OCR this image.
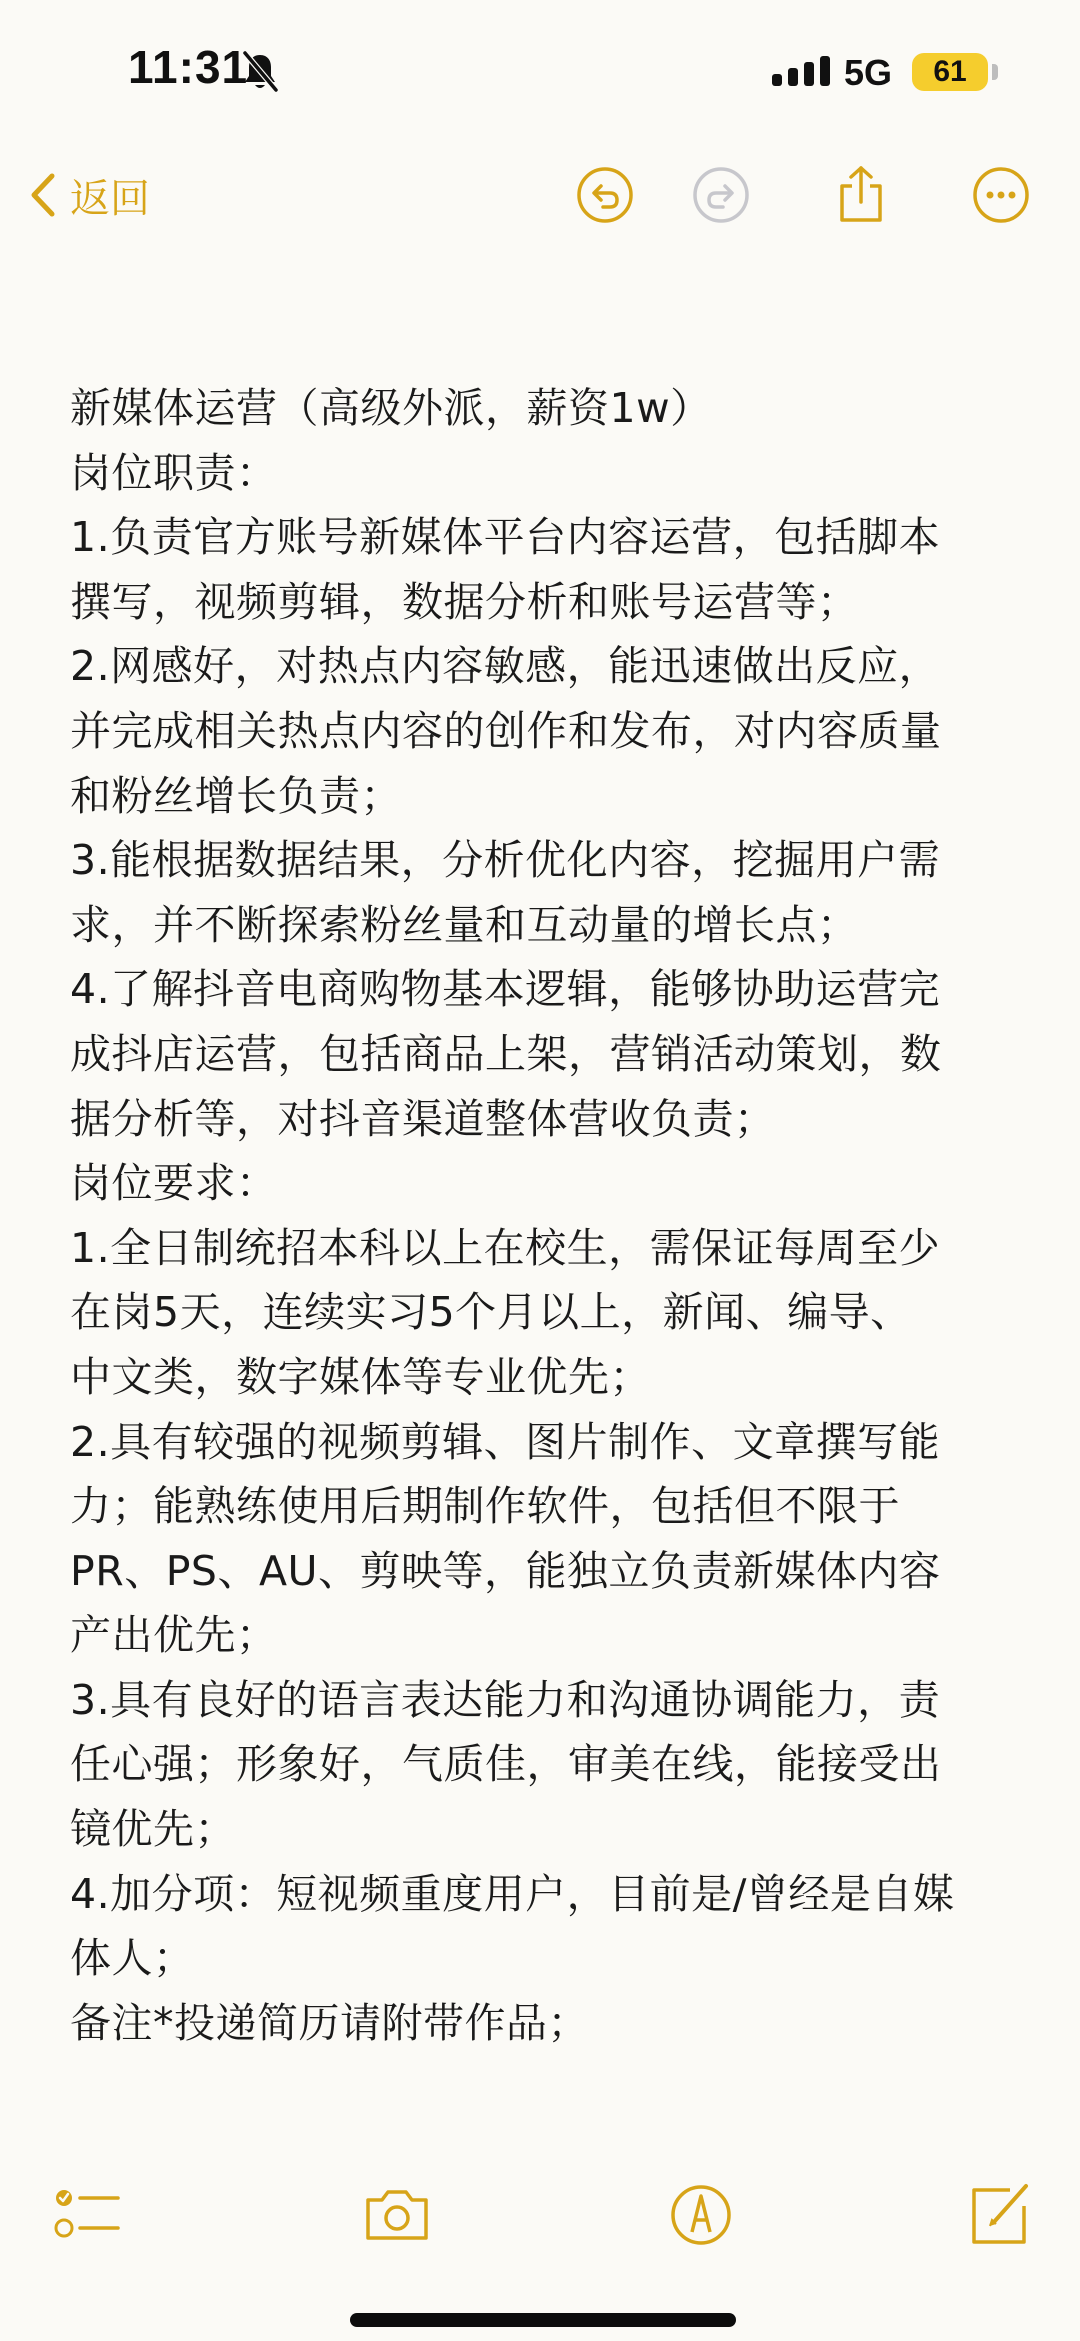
11:31	5G	61
返回
新媒体运营（高级外派，薪资1w）
岗位职责：
1.负责官方账号新媒体平台内容运营，包括脚本
撰写，视频剪辑，数据分析和账号运营等；
2.网感好，对热点内容敏感，能迅速做出反应，
并完成相关热点内容的创作和发布，对内容质量
和粉丝增长负责；
3.能根据数据结果，分析优化内容，挖掘用户需
求，并不断探索粉丝量和互动量的增长点；
4.了解抖音电商购物基本逻辑，能够协助运营完
成抖店运营，包括商品上架，营销活动策划，数
据分析等，对抖音渠道整体营收负责；
岗位要求：
1.全日制统招本科以上在校生，需保证每周至少
在岗5天，连续实习5个月以上，新闻、编导、
中文类，数字媒体等专业优先；
2.具有较强的视频剪辑、图片制作、文章撰写能
力；能熟练使用后期制作软件，包括但不限于
PR、PS、AU、剪映等，能独立负责新媒体内容
产出优先；
3.具有良好的语言表达能力和沟通协调能力，责
任心强；形象好，气质佳，审美在线，能接受出
镜优先；
4.加分项：短视频重度用户，目前是/曾经是自媒
体人；
备注*投递简历请附带作品；
